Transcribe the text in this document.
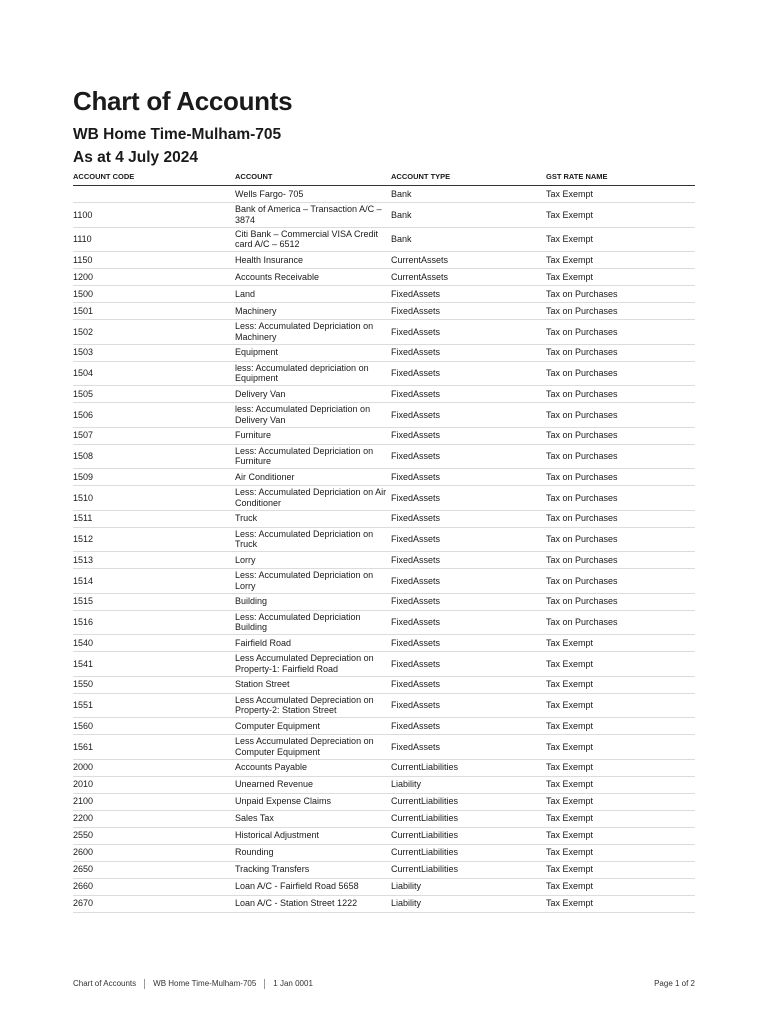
Chart of Accounts
WB Home Time-Mulham-705
As at 4 July 2024
ACCOUNT CODE	ACCOUNT	ACCOUNT TYPE	GST RATE NAME
	Wells Fargo- 705	Bank	Tax Exempt
1100	Bank of America – Transaction A/C – 3874	Bank	Tax Exempt
1110	Citi Bank – Commercial VISA Credit card A/C – 6512	Bank	Tax Exempt
1150	Health Insurance	CurrentAssets	Tax Exempt
1200	Accounts Receivable	CurrentAssets	Tax Exempt
1500	Land	FixedAssets	Tax on Purchases
1501	Machinery	FixedAssets	Tax on Purchases
1502	Less: Accumulated Depriciation on Machinery	FixedAssets	Tax on Purchases
1503	Equipment	FixedAssets	Tax on Purchases
1504	less: Accumulated depriciation on Equipment	FixedAssets	Tax on Purchases
1505	Delivery Van	FixedAssets	Tax on Purchases
1506	less: Accumulated Depriciation on Delivery Van	FixedAssets	Tax on Purchases
1507	Furniture	FixedAssets	Tax on Purchases
1508	Less: Accumulated Depriciation on Furniture	FixedAssets	Tax on Purchases
1509	Air Conditioner	FixedAssets	Tax on Purchases
1510	Less: Accumulated Depriciation on Air Conditioner	FixedAssets	Tax on Purchases
1511	Truck	FixedAssets	Tax on Purchases
1512	Less: Accumulated Depriciation on Truck	FixedAssets	Tax on Purchases
1513	Lorry	FixedAssets	Tax on Purchases
1514	Less: Accumulated Depriciation on Lorry	FixedAssets	Tax on Purchases
1515	Building	FixedAssets	Tax on Purchases
1516	Less: Accumulated Depriciation Building	FixedAssets	Tax on Purchases
1540	Fairfield Road	FixedAssets	Tax Exempt
1541	Less Accumulated Depreciation on Property-1: Fairfield Road	FixedAssets	Tax Exempt
1550	Station Street	FixedAssets	Tax Exempt
1551	Less Accumulated Depreciation on Property-2: Station Street	FixedAssets	Tax Exempt
1560	Computer Equipment	FixedAssets	Tax Exempt
1561	Less Accumulated Depreciation on Computer Equipment	FixedAssets	Tax Exempt
2000	Accounts Payable	CurrentLiabilities	Tax Exempt
2010	Unearned Revenue	Liability	Tax Exempt
2100	Unpaid Expense Claims	CurrentLiabilities	Tax Exempt
2200	Sales Tax	CurrentLiabilities	Tax Exempt
2550	Historical Adjustment	CurrentLiabilities	Tax Exempt
2600	Rounding	CurrentLiabilities	Tax Exempt
2650	Tracking Transfers	CurrentLiabilities	Tax Exempt
2660	Loan A/C - Fairfield Road 5658	Liability	Tax Exempt
2670	Loan A/C - Station Street 1222	Liability	Tax Exempt
Chart of Accounts WB Home Time-Mulham-705 1 Jan 0001	Page 1 of 2
